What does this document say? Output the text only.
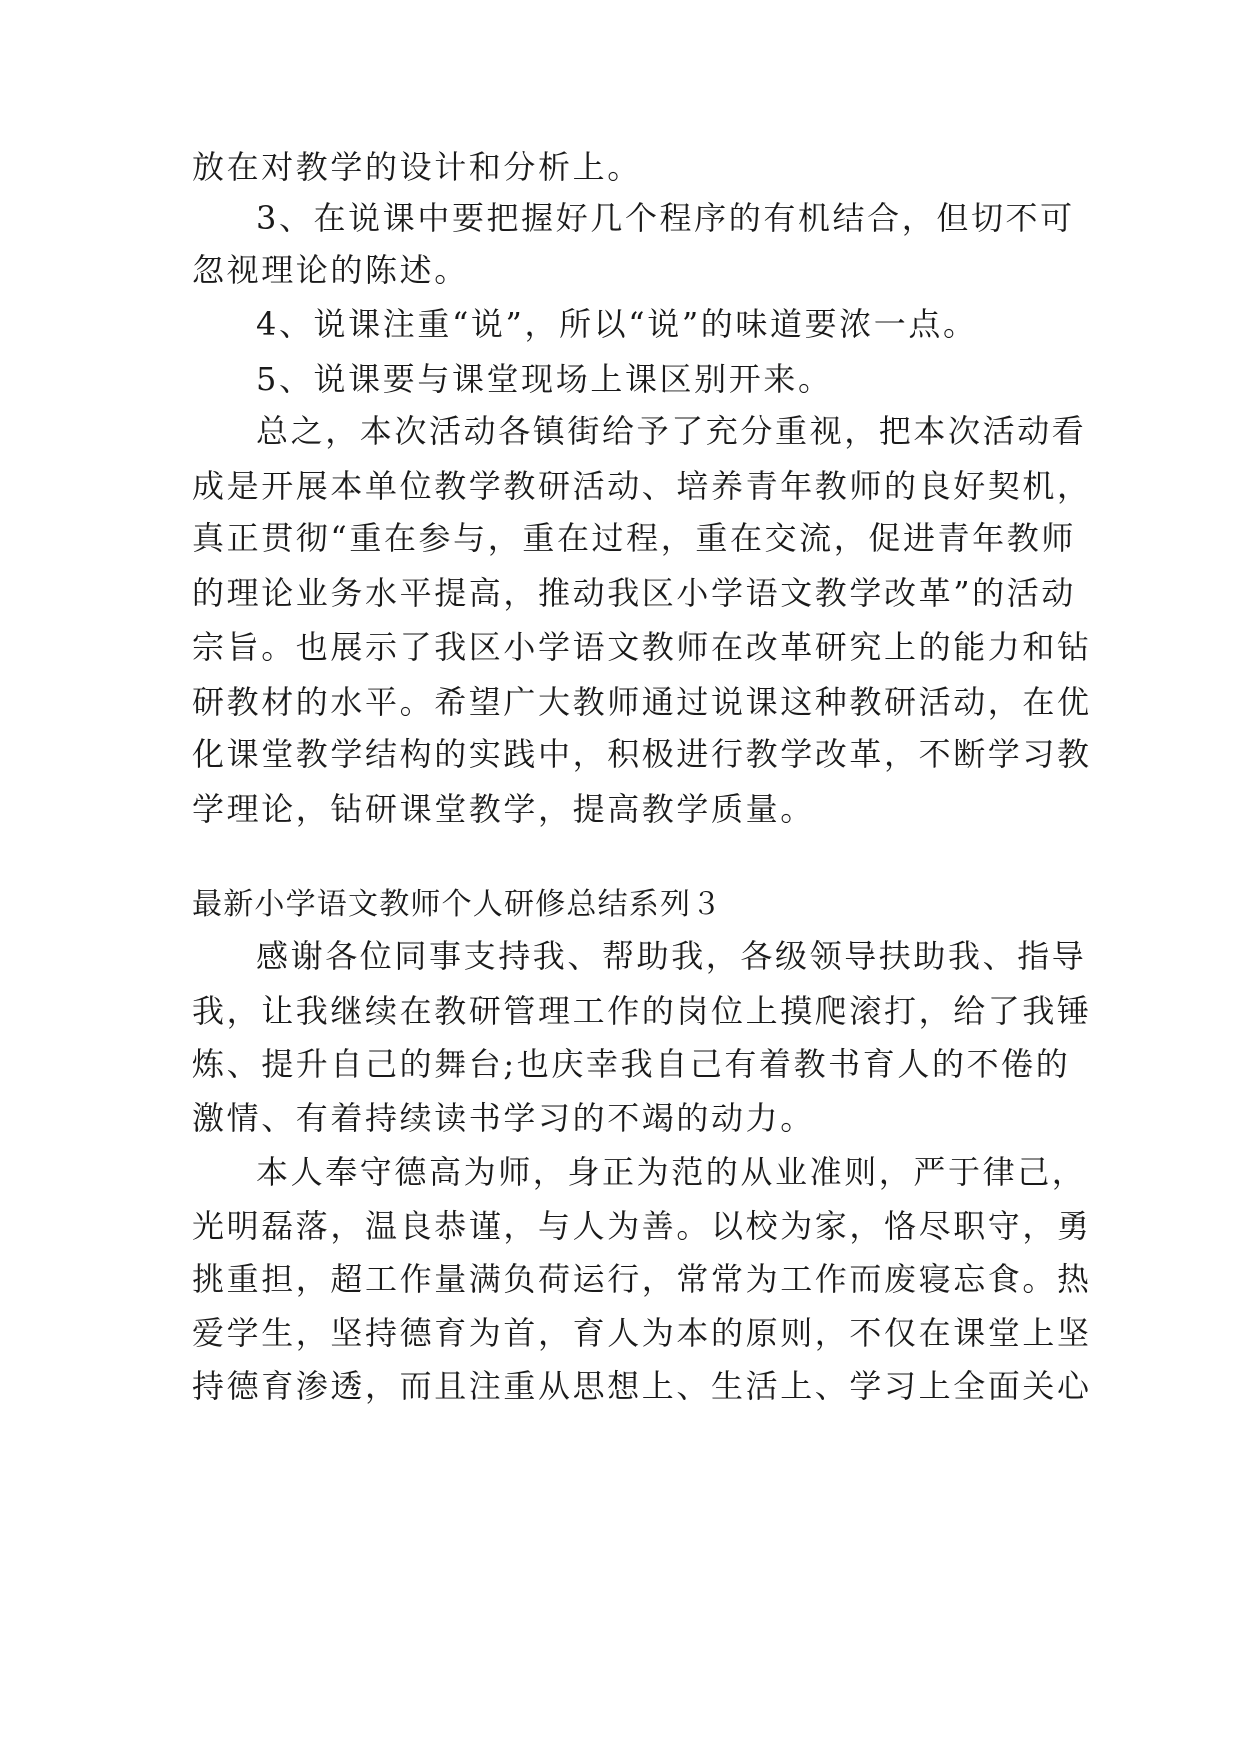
放在对教学的设计和分析上。
3、在说课中要把握好几个程序的有机结合，但切不可
忽视理论的陈述。
4、说课注重“说”，所以“说”的味道要浓一点。
5、说课要与课堂现场上课区别开来。
总之，本次活动各镇街给予了充分重视，把本次活动看
成是开展本单位教学教研活动、培养青年教师的良好契机，
真正贯彻“重在参与，重在过程，重在交流，促进青年教师
的理论业务水平提高，推动我区小学语文教学改革”的活动
宗旨。也展示了我区小学语文教师在改革研究上的能力和钻
研教材的水平。希望广大教师通过说课这种教研活动，在优
化课堂教学结构的实践中，积极进行教学改革，不断学习教
学理论，钻研课堂教学，提高教学质量。
最新小学语文教师个人研修总结系列３
感谢各位同事支持我、帮助我，各级领导扶助我、指导
我，让我继续在教研管理工作的岗位上摸爬滚打，给了我锤
炼、提升自己的舞台;也庆幸我自己有着教书育人的不倦的
激情、有着持续读书学习的不竭的动力。
本人奉守德高为师，身正为范的从业准则，严于律己，
光明磊落，温良恭谨，与人为善。以校为家，恪尽职守，勇
挑重担，超工作量满负荷运行，常常为工作而废寝忘食。热
爱学生，坚持德育为首，育人为本的原则，不仅在课堂上坚
持德育渗透，而且注重从思想上、生活上、学习上全面关心
